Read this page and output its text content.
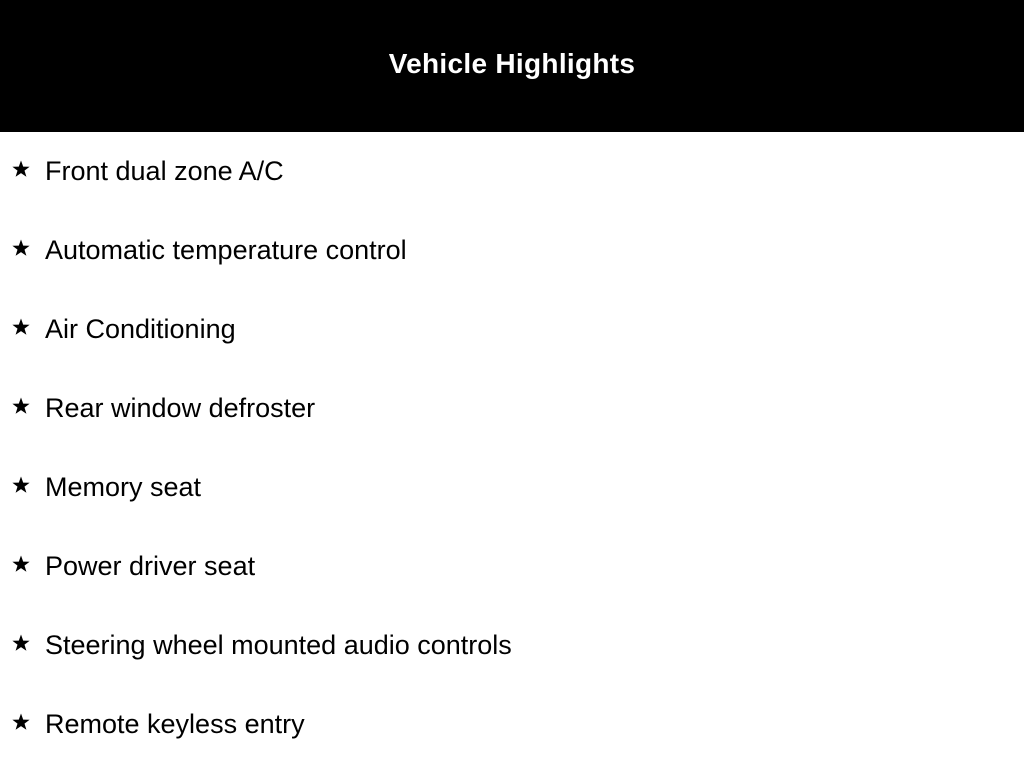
Vehicle Highlights
Front dual zone A/C
Automatic temperature control
Air Conditioning
Rear window defroster
Memory seat
Power driver seat
Steering wheel mounted audio controls
Remote keyless entry
